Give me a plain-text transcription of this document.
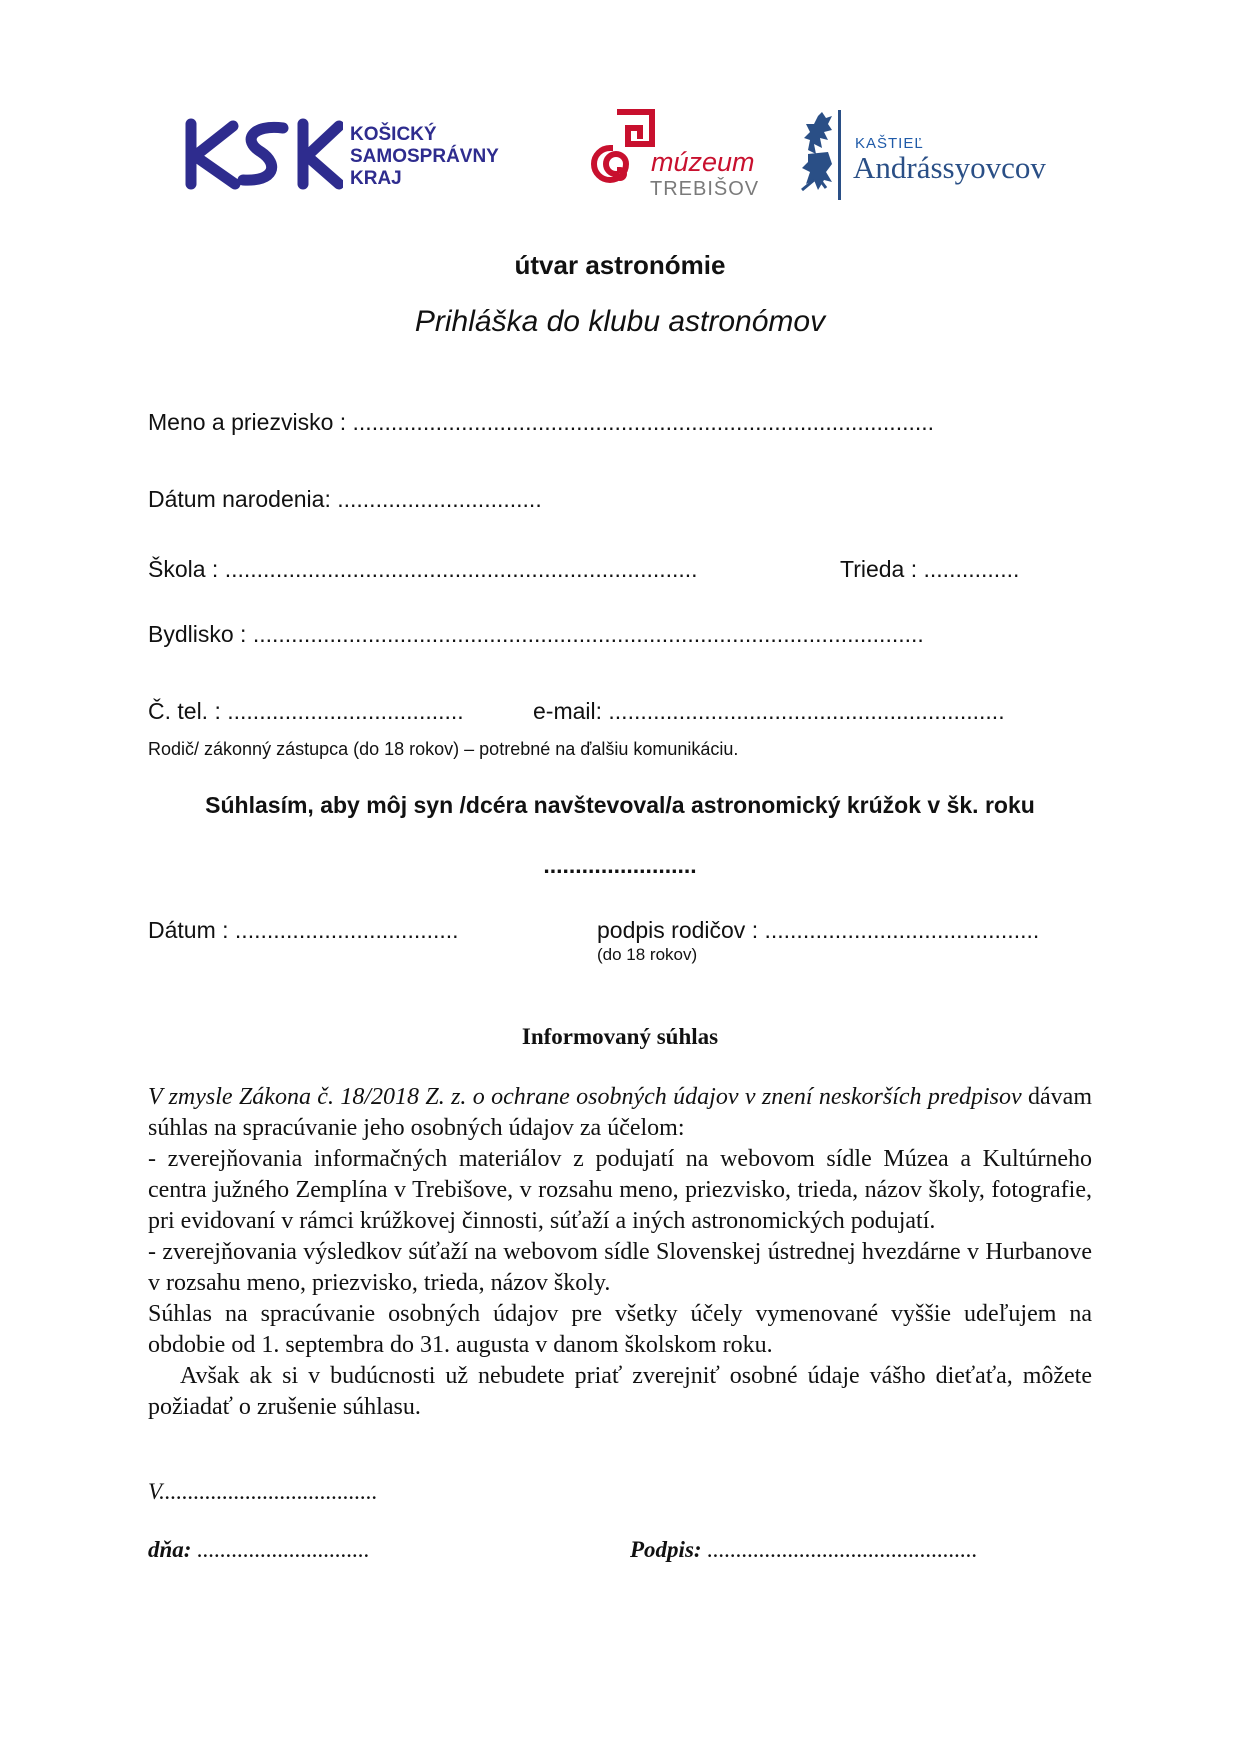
KOŠICKÝ
SAMOSPRÁVNY
KRAJ
múzeum
TREBIŠOV
KAŠTIEĽ
Andrássyovcov
útvar astronómie
Prihláška do klubu astronómov
Meno a priezvisko : ...........................................................................................
Dátum narodenia: ................................
Škola : ..........................................................................	Trieda : ...............
Bydlisko : .........................................................................................................
Č. tel. : .....................................	e-mail: ..............................................................
Rodič/ zákonný zástupca (do 18 rokov) – potrebné na ďalšiu komunikáciu.
Súhlasím, aby môj syn /dcéra navštevoval/a astronomický krúžok v šk. roku
........................
Dátum : ...................................	podpis rodičov : ...........................................
(do 18 rokov)
Informovaný súhlas

V zmysle Zákona č. 18/2018 Z. z. o ochrane osobných údajov v znení neskorších predpisov dávam súhlas na spracúvanie jeho osobných údajov za účelom:

- zverejňovania informačných materiálov z podujatí na webovom sídle Múzea a Kultúrneho centra južného Zemplína v Trebišove, v rozsahu meno, priezvisko, trieda, názov školy, fotografie, pri evidovaní v rámci krúžkovej činnosti, súťaží a iných astronomických podujatí.

- zverejňovania výsledkov súťaží na webovom sídle Slovenskej ústrednej hvezdárne v Hurbanove v rozsahu meno, priezvisko, trieda, názov školy.

Súhlas na spracúvanie osobných údajov pre všetky účely vymenované vyššie udeľujem na obdobie od 1. septembra do 31. augusta v danom školskom roku.

Avšak ak si v budúcnosti už nebudete priať zverejniť osobné údaje vášho dieťaťa, môžete požiadať o zrušenie súhlasu.

V......................................
dňa: ..............................	Podpis: ...............................................
